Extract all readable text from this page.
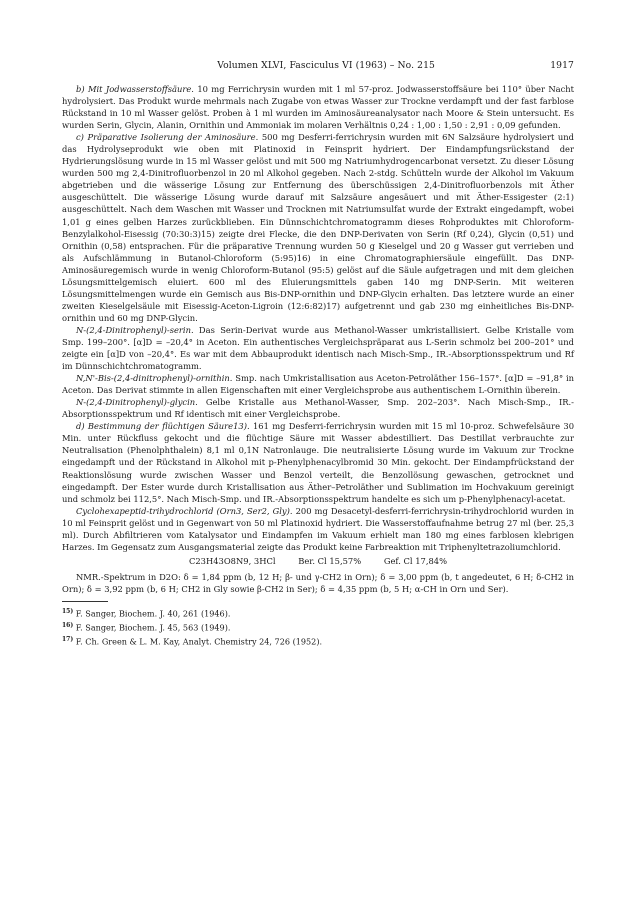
Volumen XLVI, Fasciculus VI (1963) – No. 215	1917

b) Mit Jodwasserstoffsäure. 10 mg Ferrichrysin wurden mit 1 ml 57-proz. Jodwasserstoffsäure bei 110° über Nacht hydrolysiert. Das Produkt wurde mehrmals nach Zugabe von etwas Wasser zur Trockne verdampft und der fast farblose Rückstand in 10 ml Wasser gelöst. Proben à 1 ml wurden im Aminosäureanalysator nach Moore & Stein untersucht. Es wurden Serin, Glycin, Alanin, Ornithin und Ammoniak im molaren Verhältnis 0,24 : 1,00 : 1,50 : 2,91 : 0,09 gefunden.

c) Präparative Isolierung der Aminosäure. 500 mg Desferri-ferrichrysin wurden mit 6N Salzsäure hydrolysiert und das Hydrolyseprodukt wie oben mit Platinoxid in Feinsprit hydriert. Der Eindampfungsrückstand der Hydrierungslösung wurde in 15 ml Wasser gelöst und mit 500 mg Natriumhydrogencarbonat versetzt. Zu dieser Lösung wurden 500 mg 2,4-Dinitrofluorbenzol in 20 ml Alkohol gegeben. Nach 2-stdg. Schütteln wurde der Alkohol im Vakuum abgetrieben und die wässerige Lösung zur Entfernung des überschüssigen 2,4-Dinitrofluorbenzols mit Äther ausgeschüttelt. Die wässerige Lösung wurde darauf mit Salzsäure angesäuert und mit Äther-Essigester (2:1) ausgeschüttelt. Nach dem Waschen mit Wasser und Trocknen mit Natriumsulfat wurde der Extrakt eingedampft, wobei 1,01 g eines gelben Harzes zurückblieben. Ein Dünnschichtchromatogramm dieses Rohproduktes mit Chloroform-Benzylalkohol-Eisessig (70:30:3)15) zeigte drei Flecke, die den DNP-Derivaten von Serin (Rf 0,24), Glycin (0,51) und Ornithin (0,58) entsprachen. Für die präparative Trennung wurden 50 g Kieselgel und 20 g Wasser gut verrieben und als Aufschlämmung in Butanol-Chloroform (5:95)16) in eine Chromatographiersäule eingefüllt. Das DNP-Aminosäuregemisch wurde in wenig Chloroform-Butanol (95:5) gelöst auf die Säule aufgetragen und mit dem gleichen Lösungsmittelgemisch eluiert. 600 ml des Eluierungsmittels gaben 140 mg DNP-Serin. Mit weiteren Lösungsmittelmengen wurde ein Gemisch aus Bis-DNP-ornithin und DNP-Glycin erhalten. Das letztere wurde an einer zweiten Kieselgelsäule mit Eisessig-Aceton-Ligroin (12:6:82)17) aufgetrennt und gab 230 mg einheitliches Bis-DNP-ornithin und 60 mg DNP-Glycin.

N-(2,4-Dinitrophenyl)-serin. Das Serin-Derivat wurde aus Methanol-Wasser umkristallisiert. Gelbe Kristalle vom Smp. 199–200°. [α]D = –20,4° in Aceton. Ein authentisches Vergleichspräparat aus L-Serin schmolz bei 200–201° und zeigte ein [α]D von –20,4°. Es war mit dem Abbauprodukt identisch nach Misch-Smp., IR.-Absorptionsspektrum und Rf im Dünnschichtchromatogramm.

N,N'-Bis-(2,4-dinitrophenyl)-ornithin. Smp. nach Umkristallisation aus Aceton-Petroläther 156–157°. [α]D = –91,8° in Aceton. Das Derivat stimmte in allen Eigenschaften mit einer Vergleichsprobe aus authentischem L-Ornithin überein.

N-(2,4-Dinitrophenyl)-glycin. Gelbe Kristalle aus Methanol-Wasser, Smp. 202–203°. Nach Misch-Smp., IR.-Absorptionsspektrum und Rf identisch mit einer Vergleichsprobe.

d) Bestimmung der flüchtigen Säure13). 161 mg Desferri-ferrichrysin wurden mit 15 ml 10-proz. Schwefelsäure 30 Min. unter Rückfluss gekocht und die flüchtige Säure mit Wasser abdestilliert. Das Destillat verbrauchte zur Neutralisation (Phenolphthalein) 8,1 ml 0,1N Natronlauge. Die neutralisierte Lösung wurde im Vakuum zur Trockne eingedampft und der Rückstand in Alkohol mit p-Phenylphenacylbromid 30 Min. gekocht. Der Eindampfrückstand der Reaktionslösung wurde zwischen Wasser und Benzol verteilt, die Benzollösung gewaschen, getrocknet und eingedampft. Der Ester wurde durch Kristallisation aus Äther–Petroläther und Sublimation im Hochvakuum gereinigt und schmolz bei 112,5°. Nach Misch-Smp. und IR.-Absorptionsspektrum handelte es sich um p-Phenylphenacyl-acetat.

Cyclohexapeptid-trihydrochlorid (Orn3, Ser2, Gly). 200 mg Desacetyl-desferri-ferrichrysin-trihydrochlorid wurden in 10 ml Feinsprit gelöst und in Gegenwart von 50 ml Platinoxid hydriert. Die Wasserstoffaufnahme betrug 27 ml (ber. 25,3 ml). Durch Abfiltrieren vom Katalysator und Eindampfen im Vakuum erhielt man 180 mg eines farblosen klebrigen Harzes. Im Gegensatz zum Ausgangsmaterial zeigte das Produkt keine Farbreaktion mit Triphenyltetrazoliumchlorid.

C23H43O8N9, 3HCl	Ber. Cl 15,57%	Gef. Cl 17,84%

NMR.-Spektrum in D2O: δ = 1,84 ppm (b, 12 H; β- und γ-CH2 in Orn); δ = 3,00 ppm (b, t angedeutet, 6 H; δ-CH2 in Orn); δ = 3,92 ppm (b, 6 H; CH2 in Gly sowie β-CH2 in Ser); δ = 4,35 ppm (b, 5 H; α-CH in Orn und Ser).

$^{15)}$ F. Sanger, Biochem. J. 40, 261 (1946).

$^{16)}$ F. Sanger, Biochem. J. 45, 563 (1949).

$^{17)}$ F. Ch. Green & L. M. Kay, Analyt. Chemistry 24, 726 (1952).
